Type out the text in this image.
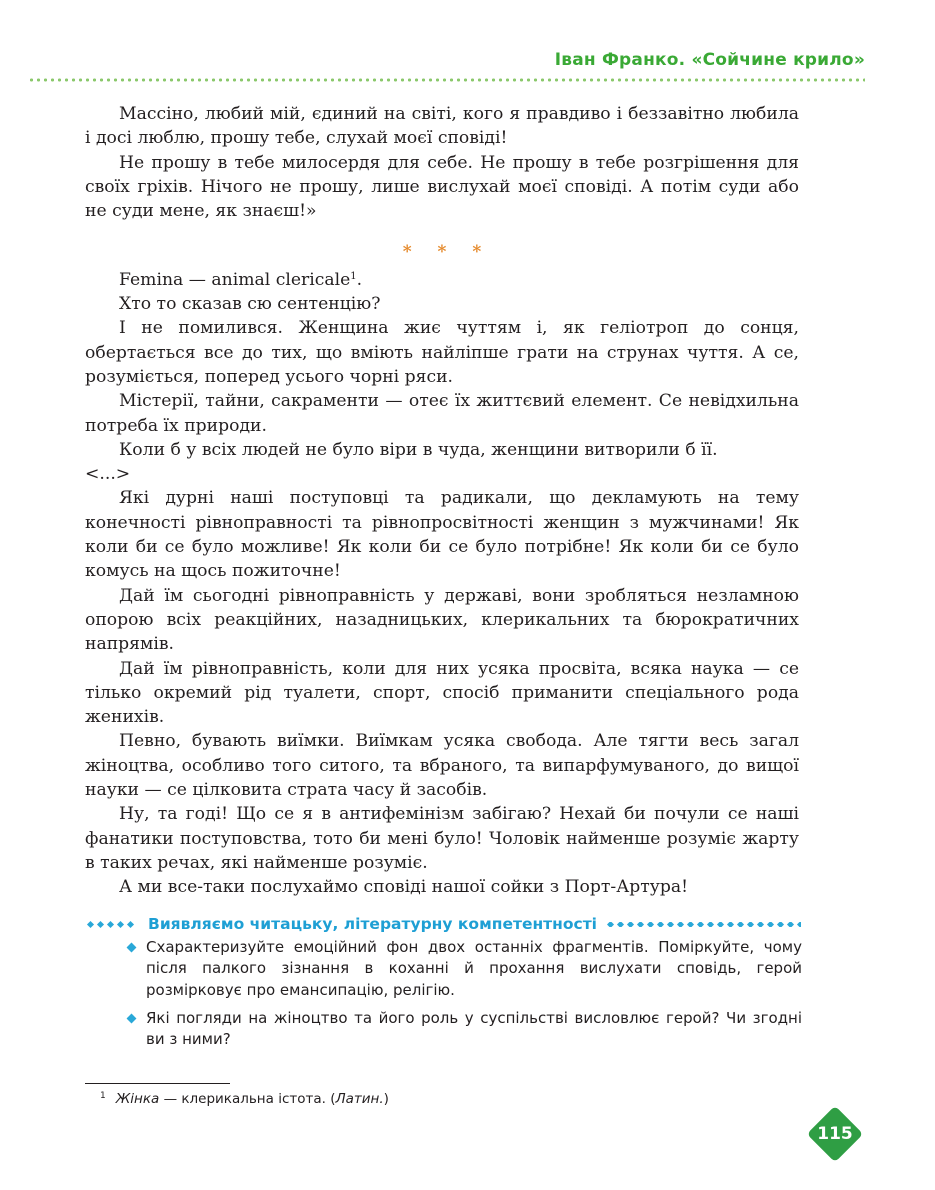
Іван Франко. «Сойчине крило»

Массіно, любий мій, єдиний на світі, кого я правдиво і беззавітно любила і досі люблю, прошу тебе, слухай моєї сповіді!

Не прошу в тебе милосердя для себе. Не прошу в тебе розгрішення для своїх гріхів. Нічого не прошу, лише вислухай моєї сповіді. А потім суди або не суди мене, як знаєш!»

* * *

Femina — animal clericale$^1$.

Хто то сказав сю сентенцію?

І не помилився. Женщина жиє чуттям і, як геліотроп до сонця, обертається все до тих, що вміють найліпше грати на струнах чуття. А се, розуміється, поперед усього чорні ряси.

Містерії, тайни, сакраменти — отеє їх життєвий елемент. Се невідхильна потреба їх природи.

Коли б у всіх людей не було віри в чуда, женщини витворили б її.

<...>

Які дурні наші поступовці та радикали, що декламують на тему конечності рівноправності та рівнопросвітності женщин з мужчинами! Як коли би се було можливе! Як коли би се було потрібне! Як коли би се було комусь на щось пожиточне!

Дай їм сьогодні рівноправність у державі, вони зробляться незламною опорою всіх реакційних, назадницьких, клерикальних та бюрократичних напрямів.

Дай їм рівноправність, коли для них усяка просвіта, всяка наука — се тілько окремий рід туалети, спорт, спосіб приманити спеціального рода женихів.

Певно, бувають виїмки. Виїмкам усяка свобода. Але тягти весь загал жіноцтва, особливо того ситого, та вбраного, та випарфумуваного, до вищої науки — се цілковита страта часу й засобів.

Ну, та годі! Що се я в антифемінізм забігаю? Нехай би почули се наші фанатики поступовства, тото би мені було! Чоловік найменше розуміє жарту в таких речах, які найменше розуміє.

А ми все-таки послухаймо сповіді нашої сойки з Порт-Артура!

Виявляємо читацьку, літературну компетентності
Схарактеризуйте емоційний фон двох останніх фрагментів. Поміркуйте, чому після палкого зізнання в коханні й прохання вислухати сповідь, герой розмірковує про емансипацію, релігію.
Які погляди на жіноцтво та його роль у суспільстві висловлює герой? Чи згодні ви з ними?
$^1$ Жінка — клерикальна істота. (Латин.)
115
